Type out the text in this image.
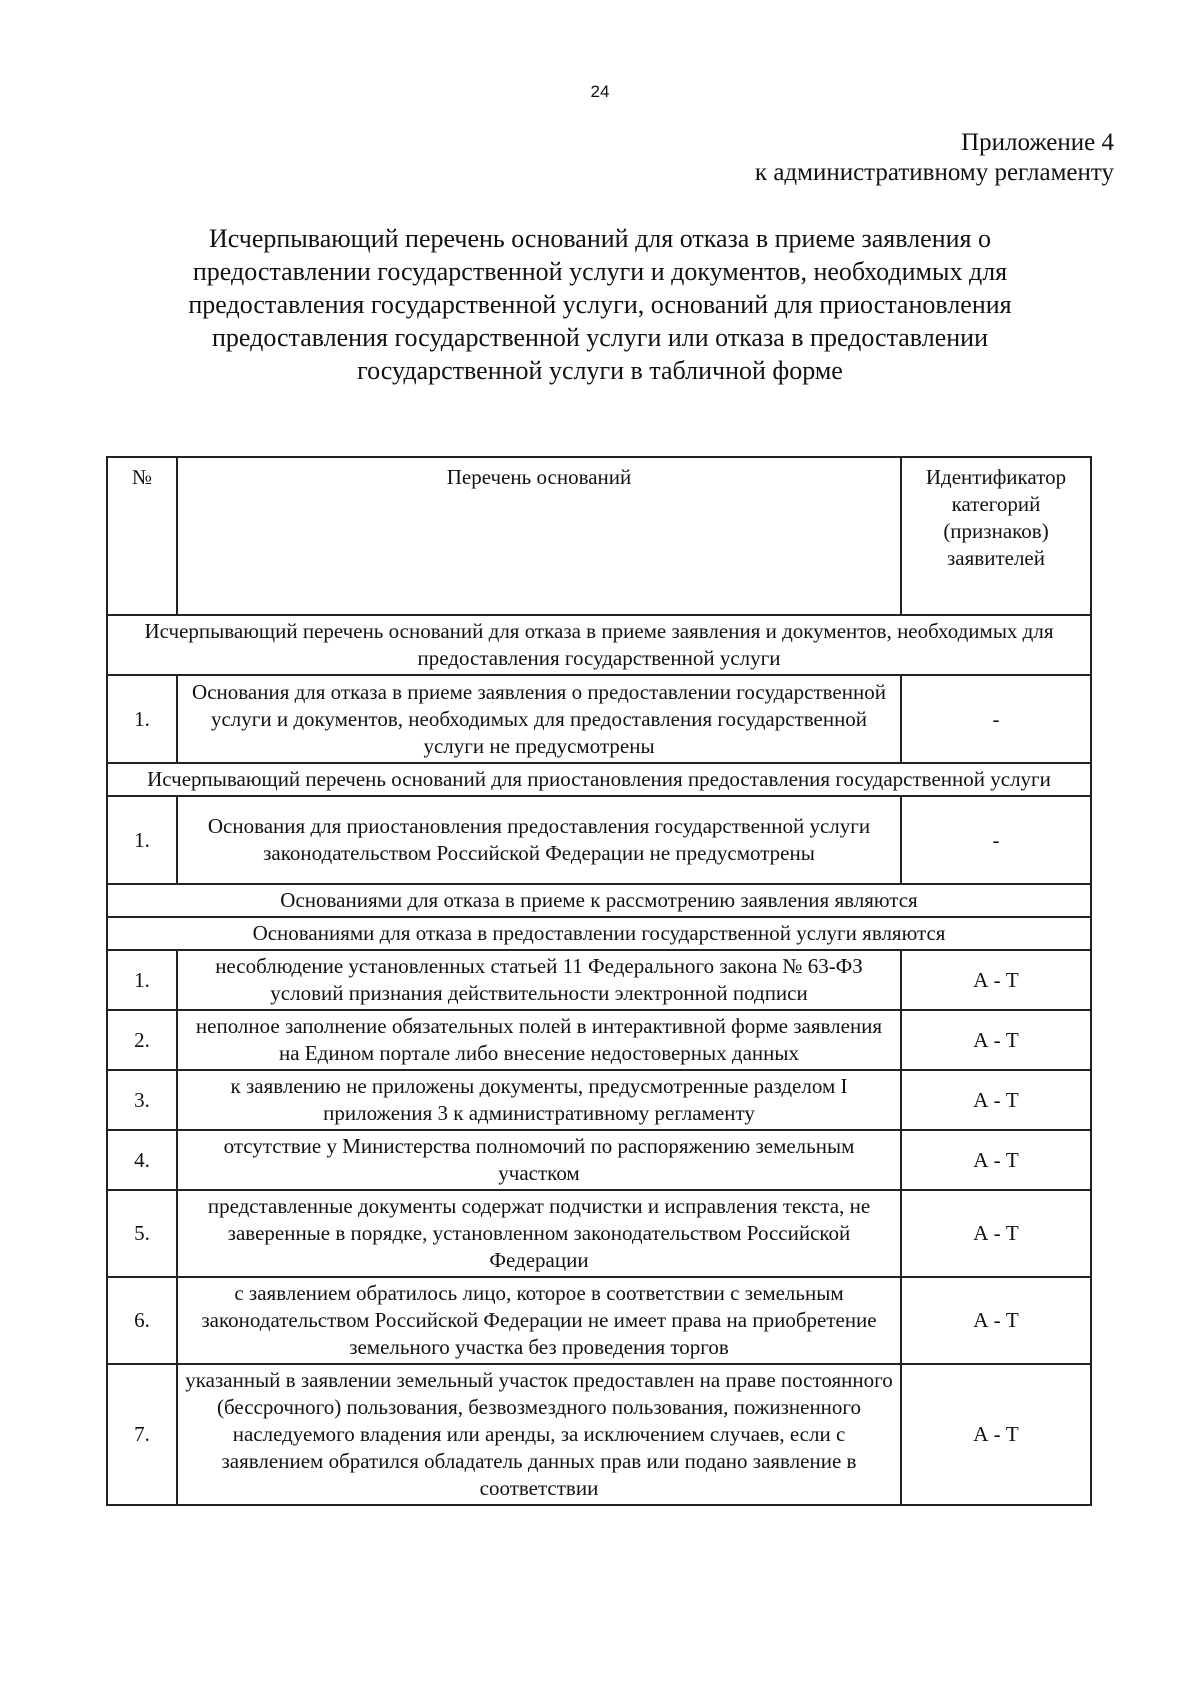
24
Приложение 4
к административному регламенту
Исчерпывающий перечень оснований для отказа в приеме заявления о предоставлении государственной услуги и документов, необходимых для предоставления государственной услуги, оснований для приостановления предоставления государственной услуги или отказа в предоставлении государственной услуги в табличной форме
№	Перечень оснований	Идентификатор категорий (признаков) заявителей
Исчерпывающий перечень оснований для отказа в приеме заявления и документов, необходимых для предоставления государственной услуги		
1.	Основания для отказа в приеме заявления о предоставлении государственной услуги и документов, необходимых для предоставления государственной услуги не предусмотрены	-
Исчерпывающий перечень оснований для приостановления предоставления государственной услуги		
1.	Основания для приостановления предоставления государственной услуги законодательством Российской Федерации не предусмотрены	-
Основаниями для отказа в приеме к рассмотрению заявления являются		
Основаниями для отказа в предоставлении государственной услуги являются		
1.	несоблюдение установленных статьей 11 Федерального закона № 63-ФЗ условий признания действительности электронной подписи	А - Т
2.	неполное заполнение обязательных полей в интерактивной форме заявления на Едином портале либо внесение недостоверных данных	А - Т
3.	к заявлению не приложены документы, предусмотренные разделом I приложения 3 к административному регламенту	А - Т
4.	отсутствие у Министерства полномочий по распоряжению земельным участком	А - Т
5.	представленные документы содержат подчистки и исправления текста, не заверенные в порядке, установленном законодательством Российской Федерации	А - Т
6.	с заявлением обратилось лицо, которое в соответствии с земельным законодательством Российской Федерации не имеет права на приобретение земельного участка без проведения торгов	А - Т
7.	указанный в заявлении земельный участок предоставлен на праве постоянного (бессрочного) пользования, безвозмездного пользования, пожизненного наследуемого владения или аренды, за исключением случаев, если с заявлением обратился обладатель данных прав или подано заявление в соответствии	А - Т
